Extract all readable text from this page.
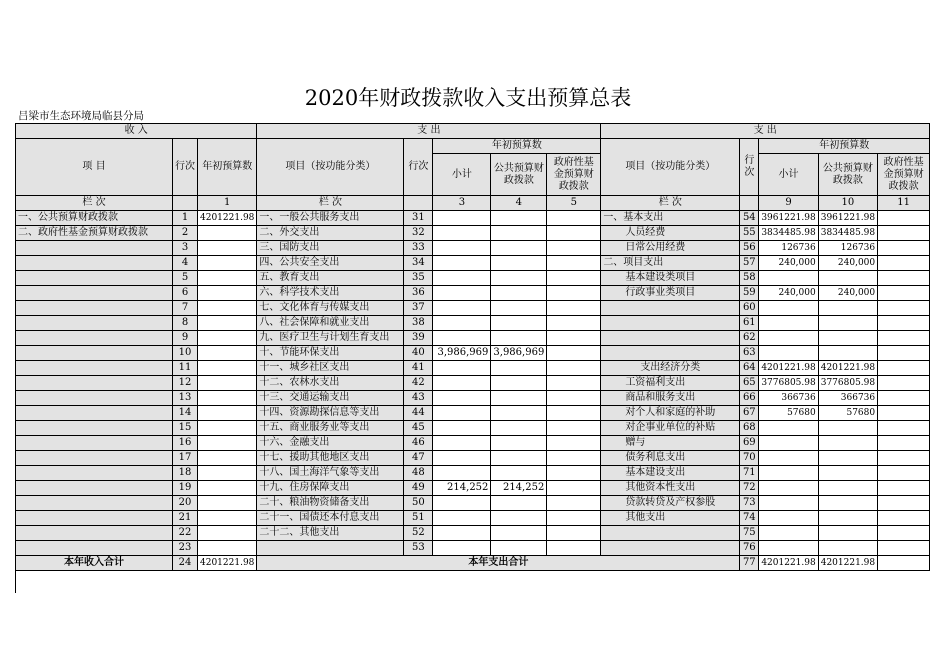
2020年财政拨款收入支出预算总表
吕梁市生态环境局临县分局
收 入			支 出					支 出				
项 目	行次	年初预算数	项目（按功能分类）	行次	年初预算数			项目（按功能分类）	行次	年初预算数		
					小计	公共预算财政拨款	政府性基金预算财政拨款			小计	公共预算财政拨款	政府性基金预算财政拨款
栏 次		1	栏 次		3	4	5	栏 次		9	10	11
一、公共预算财政拨款	1	4201221.98	一、一般公共服务支出	31				一、基本支出	54	3961221.98	3961221.98	
二、政府性基金预算财政拨款	2		二、外交支出	32				人员经费	55	3834485.98	3834485.98	
	3		三、国防支出	33				日常公用经费	56	126736	126736	
	4		四、公共安全支出	34				二、项目支出	57	240,000	240,000	
	5		五、教育支出	35				基本建设类项目	58			
	6		六、科学技术支出	36				行政事业类项目	59	240,000	240,000	
	7		七、文化体育与传媒支出	37					60			
	8		八、社会保障和就业支出	38					61			
	9		九、医疗卫生与计划生育支出	39					62			
	10		十、节能环保支出	40	3,986,969	3,986,969			63			
	11		十一、城乡社区支出	41				支出经济分类	64	4201221.98	4201221.98	
	12		十二、农林水支出	42				工资福利支出	65	3776805.98	3776805.98	
	13		十三、交通运输支出	43				商品和服务支出	66	366736	366736	
	14		十四、资源勘探信息等支出	44				对个人和家庭的补助	67	57680	57680	
	15		十五、商业服务业等支出	45				对企事业单位的补贴	68			
	16		十六、金融支出	46				赠与	69			
	17		十七、援助其他地区支出	47				债务利息支出	70			
	18		十八、国土海洋气象等支出	48				基本建设支出	71			
	19		十九、住房保障支出	49	214,252	214,252		其他资本性支出	72			
	20		二十、粮油物资储备支出	50				贷款转贷及产权参股	73			
	21		二十一、国债还本付息支出	51				其他支出	74			
	22		二十二、其他支出	52					75			
	23			53					76			
本年收入合计	24	4201221.98	本年支出合计						77	4201221.98	4201221.98	
